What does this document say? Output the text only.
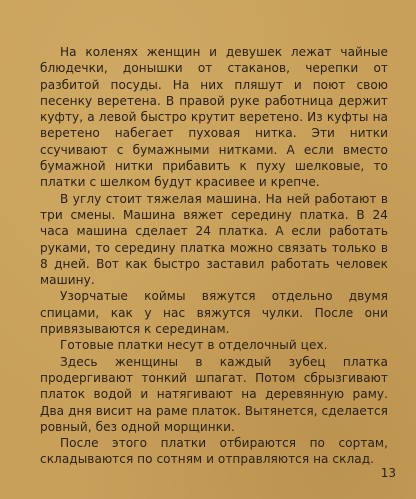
На коленях женщин и девушек лежат чайные блюдечки, донышки от стаканов, черепки от разбитой посуды. На них пляшут и поют свою песенку веретена. В правой руке работница держит куфту, а левой быстро крутит веретено. Из куфты на веретено набегает пуховая нитка. Эти нитки ссучивают с бумажными нитками. А если вместо бумажной нитки прибавить к пуху шелковые, то платки с шелком будут красивее и крепче.

В углу стоит тяжелая машина. На ней работают в три смены. Машина вяжет середину платка. В 24 часа машина сделает 24 платка. А если работать руками, то середину платка можно связать только в 8 дней. Вот как быстро заставил работать человек машину.

Узорчатые коймы вяжутся отдельно двумя спицами, как у нас вяжутся чулки. После они привязываются к серединам.

Готовые платки несут в отделочный цех.

Здесь женщины в каждый зубец платка продергивают тонкий шпагат. Потом сбрызгивают платок водой и натягивают на деревянную раму. Два дня висит на раме платок. Вытянется, сделается ровный, без одной морщинки.

После этого платки отбираются по сортам, складываются по сотням и отправляются на склад.

13
